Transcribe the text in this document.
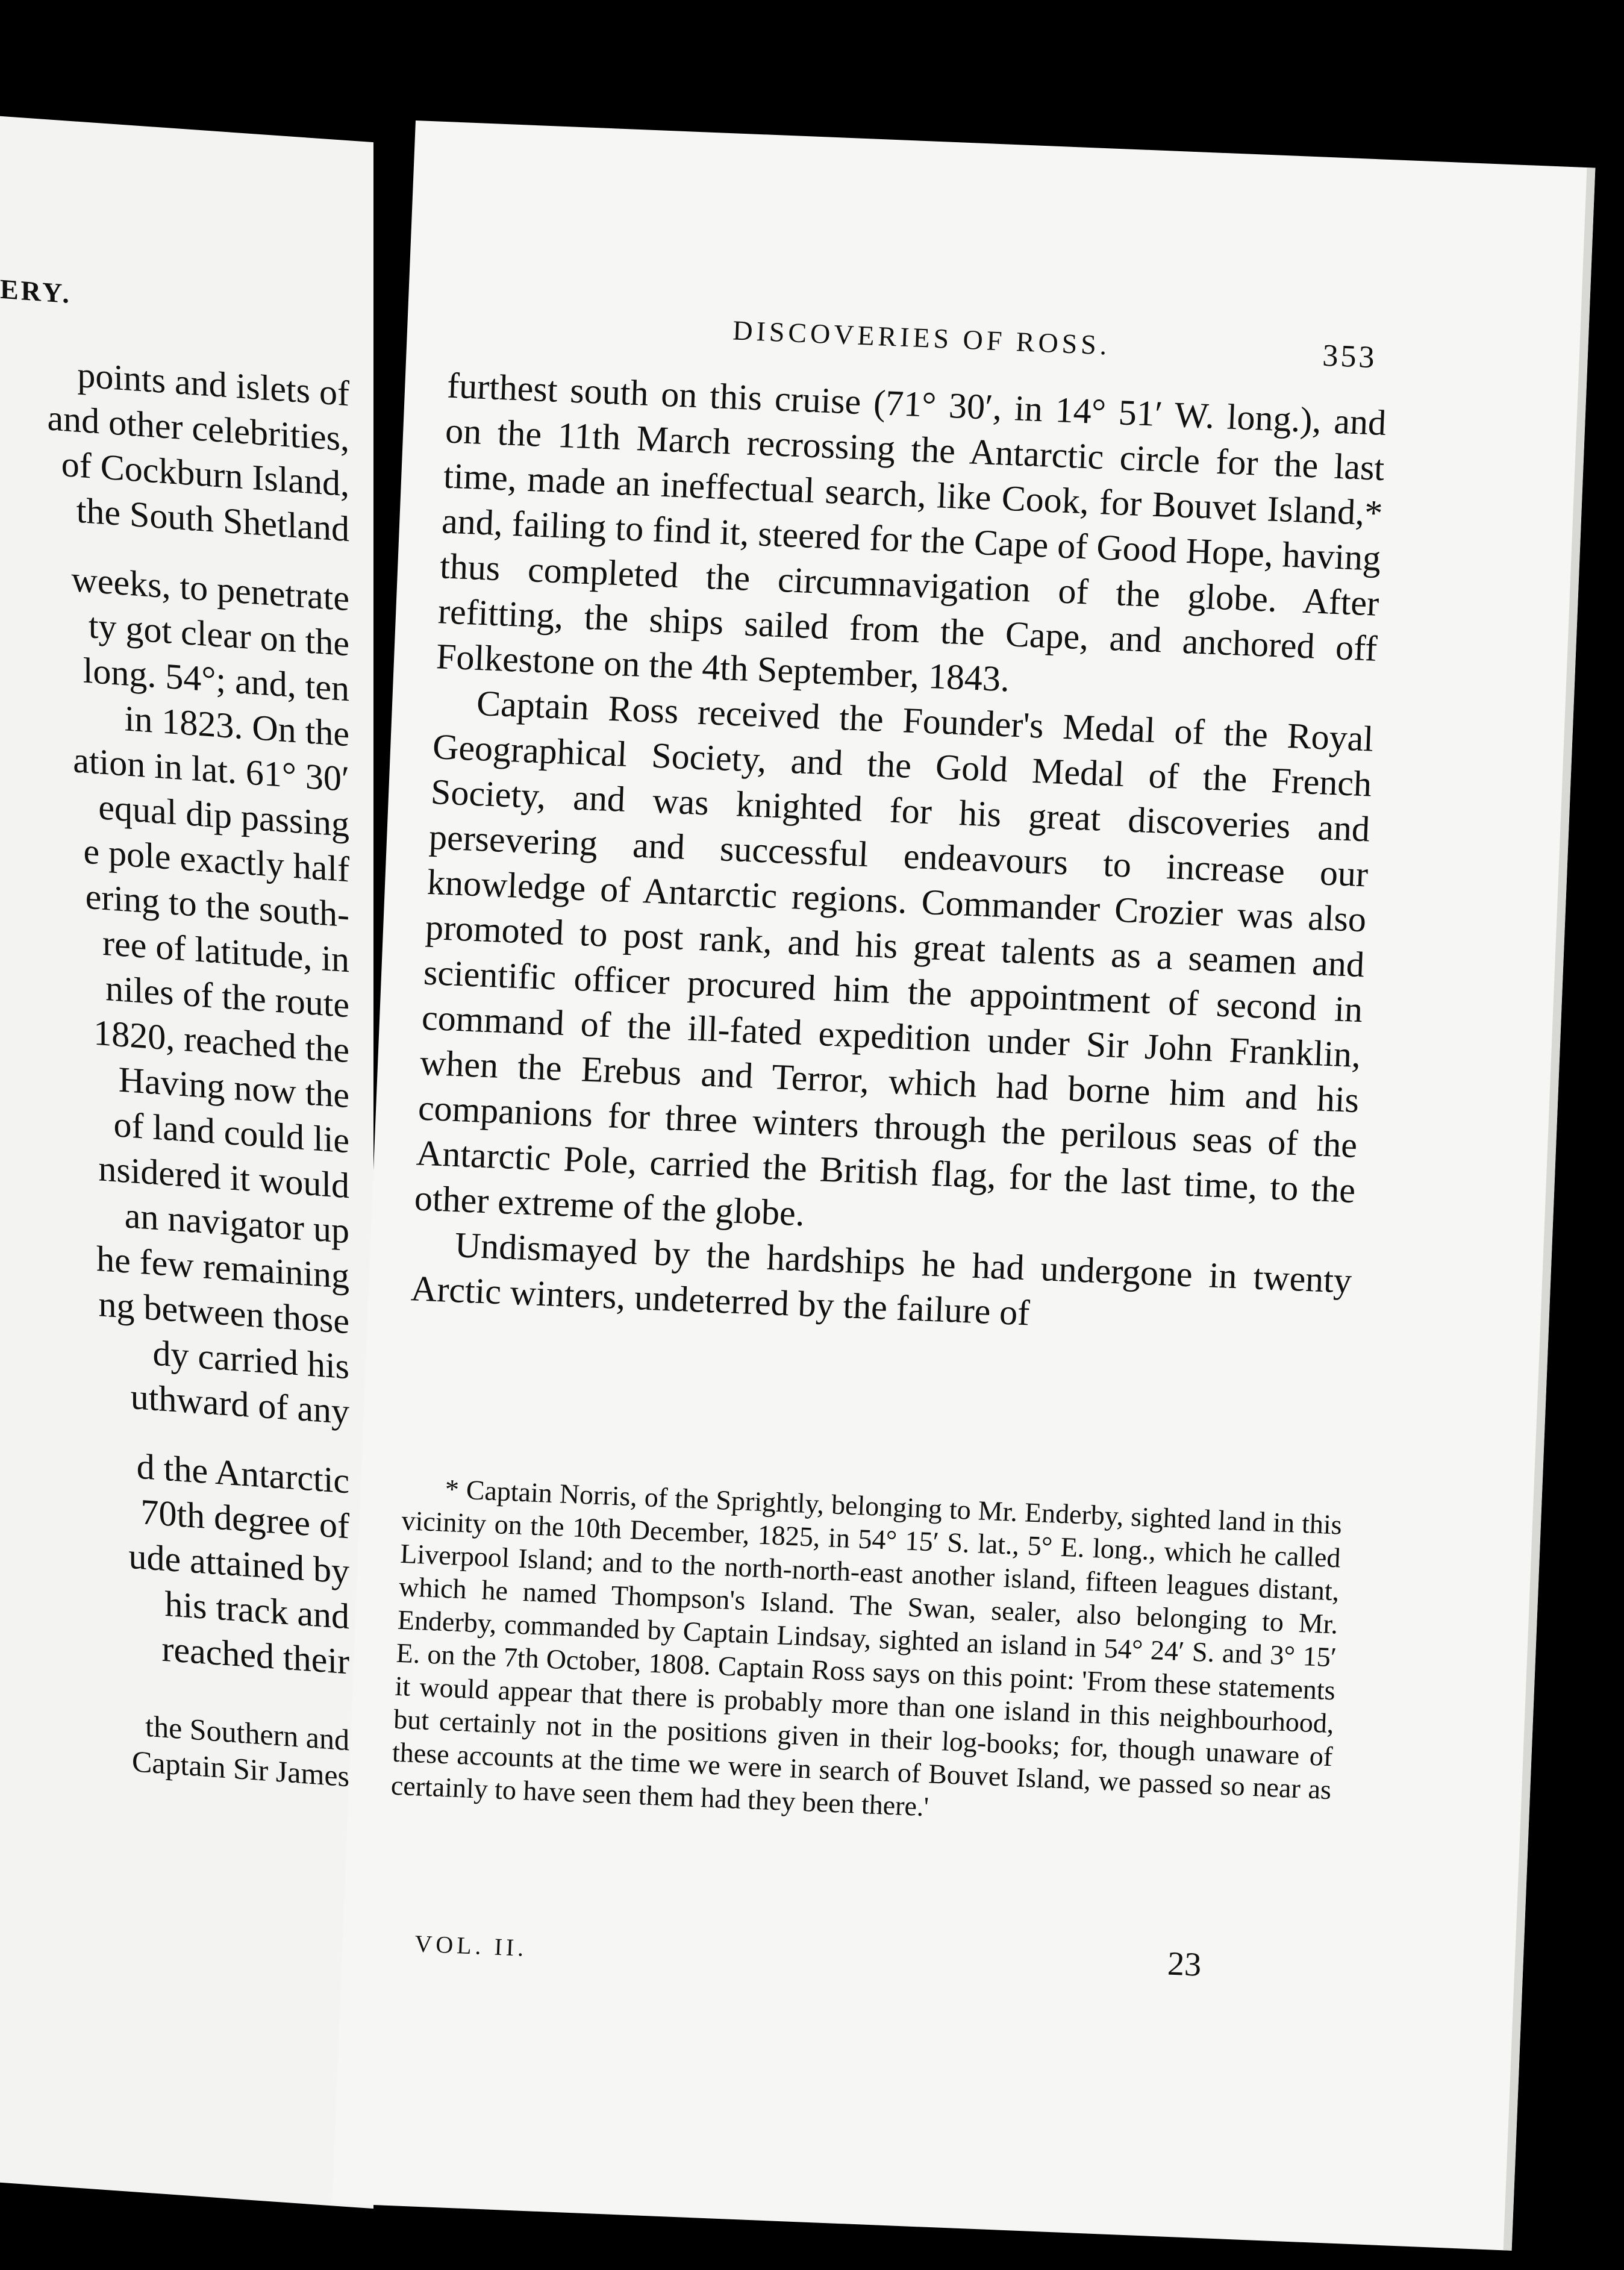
ERY.
points and islets of
and other celebrities,
of Cockburn Island,
the South Shetland
weeks, to penetrate
ty got clear on the
long. 54°; and, ten
in 1823. On the
ation in lat. 61° 30′
equal dip passing
e pole exactly half
ering to the south-
ree of latitude, in
niles of the route
1820, reached the
Having now the
of land could lie
nsidered it would
an navigator up
he few remaining
ng between those
dy carried his
uthward of any
d the Antarctic
70th degree of
ude attained by
his track and
reached their
the Southern and
Captain Sir James
DISCOVERIES OF ROSS.	353

furthest south on this cruise (71° 30′, in 14° 51′ W. long.), and on the 11th March recrossing the Antarctic circle for the last time, made an ineffectual search, like Cook, for Bouvet Island,* and, failing to find it, steered for the Cape of Good Hope, having thus completed the circumnavigation of the globe. After refitting, the ships sailed from the Cape, and anchored off Folkestone on the 4th September, 1843.

Captain Ross received the Founder's Medal of the Royal Geographical Society, and the Gold Medal of the French Society, and was knighted for his great discoveries and persevering and successful endeavours to increase our knowledge of Antarctic regions. Commander Crozier was also promoted to post rank, and his great talents as a seamen and scientific officer procured him the appointment of second in command of the ill-fated expedition under Sir John Franklin, when the Erebus and Terror, which had borne him and his companions for three winters through the perilous seas of the Antarctic Pole, carried the British flag, for the last time, to the other extreme of the globe.

Undismayed by the hardships he had undergone in twenty Arctic winters, undeterred by the failure of

* Captain Norris, of the Sprightly, belonging to Mr. Enderby, sighted land in this vicinity on the 10th December, 1825, in 54° 15′ S. lat., 5° E. long., which he called Liverpool Island; and to the north-north-east another island, fifteen leagues distant, which he named Thompson's Island. The Swan, sealer, also belonging to Mr. Enderby, commanded by Captain Lindsay, sighted an island in 54° 24′ S. and 3° 15′ E. on the 7th October, 1808. Captain Ross says on this point: 'From these statements it would appear that there is probably more than one island in this neighbourhood, but certainly not in the positions given in their log-books; for, though unaware of these accounts at the time we were in search of Bouvet Island, we passed so near as certainly to have seen them had they been there.'

VOL. II.	23
